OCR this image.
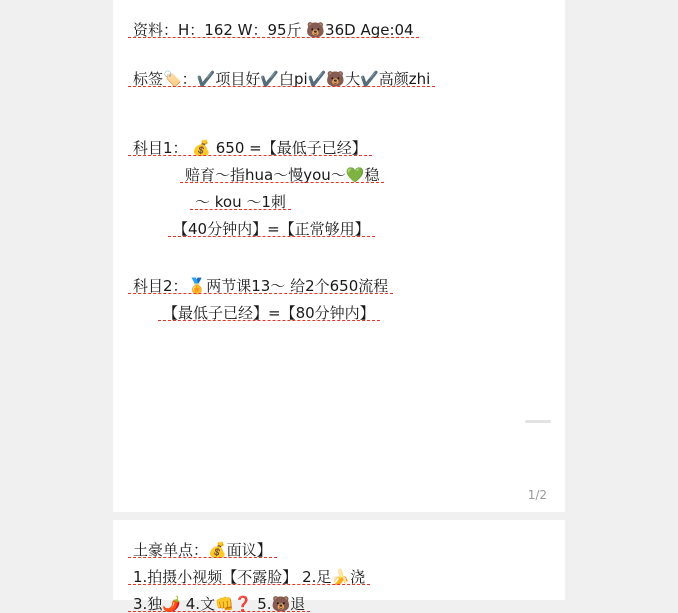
资料：H：162 W：95斤 🐻36D Age:04
标签🏷️：✔️项目好✔️白pi✔️🐻大✔️高颜zhi
科目1： 💰 650 =【最低子已经】
赔育～指hua～慢you～💚稳
～ kou ～1刺
【40分钟内】=【正常够用】
科目2：🏅两节课13～ 给2个650流程
【最低子已经】=【80分钟内】
1/2
土豪单点：💰面议】
1.拍摄小视频【不露脸】 2.足🍌浇
3.独🌶️ 4.文👊❓ 5.🐻退
